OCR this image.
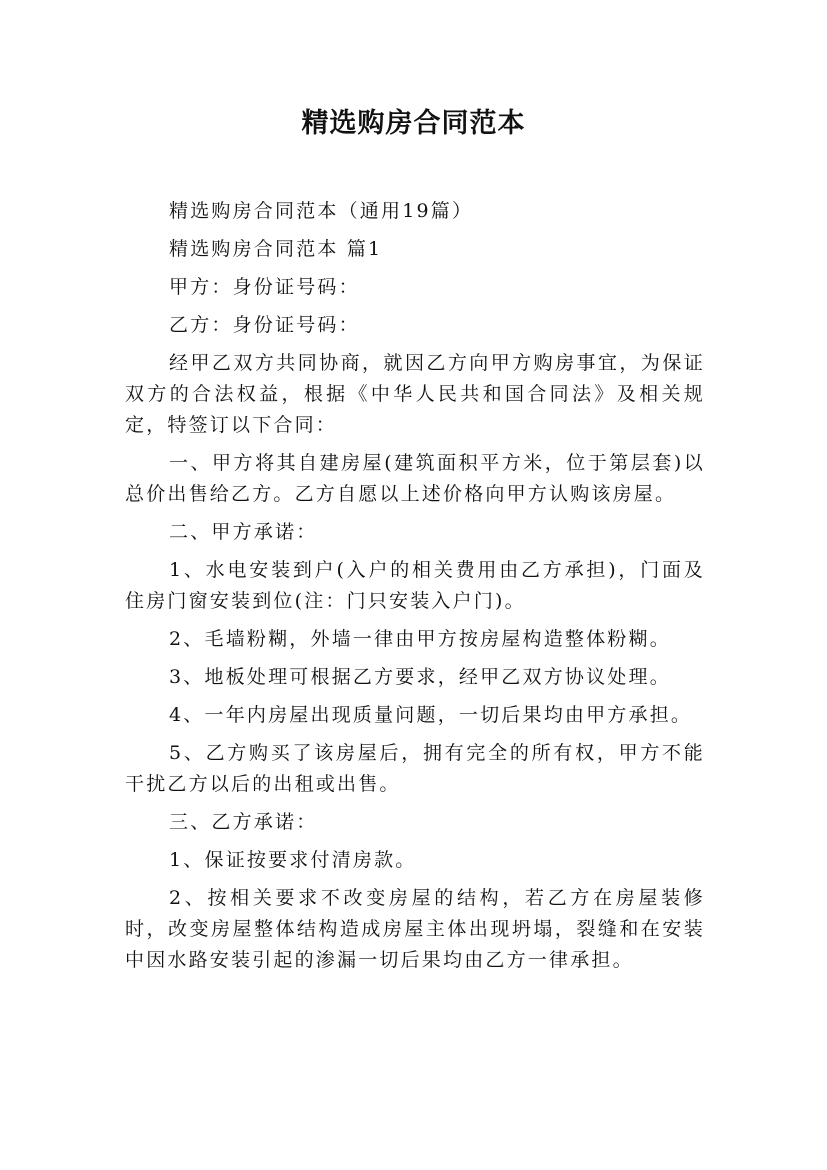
精选购房合同范本

精选购房合同范本（通用19篇）

精选购房合同范本 篇1

甲方：身份证号码：

乙方：身份证号码：

经甲乙双方共同协商，就因乙方向甲方购房事宜，为保证双方的合法权益，根据《中华人民共和国合同法》及相关规定，特签订以下合同：

一、甲方将其自建房屋(建筑面积平方米，位于第层套)以总价出售给乙方。乙方自愿以上述价格向甲方认购该房屋。

二、甲方承诺：

1、水电安装到户(入户的相关费用由乙方承担)，门面及住房门窗安装到位(注：门只安装入户门)。

2、毛墙粉糊，外墙一律由甲方按房屋构造整体粉糊。

3、地板处理可根据乙方要求，经甲乙双方协议处理。

4、一年内房屋出现质量问题，一切后果均由甲方承担。

5、乙方购买了该房屋后，拥有完全的所有权，甲方不能干扰乙方以后的出租或出售。

三、乙方承诺：

1、保证按要求付清房款。

2、按相关要求不改变房屋的结构，若乙方在房屋装修时，改变房屋整体结构造成房屋主体出现坍塌，裂缝和在安装中因水路安装引起的渗漏一切后果均由乙方一律承担。
